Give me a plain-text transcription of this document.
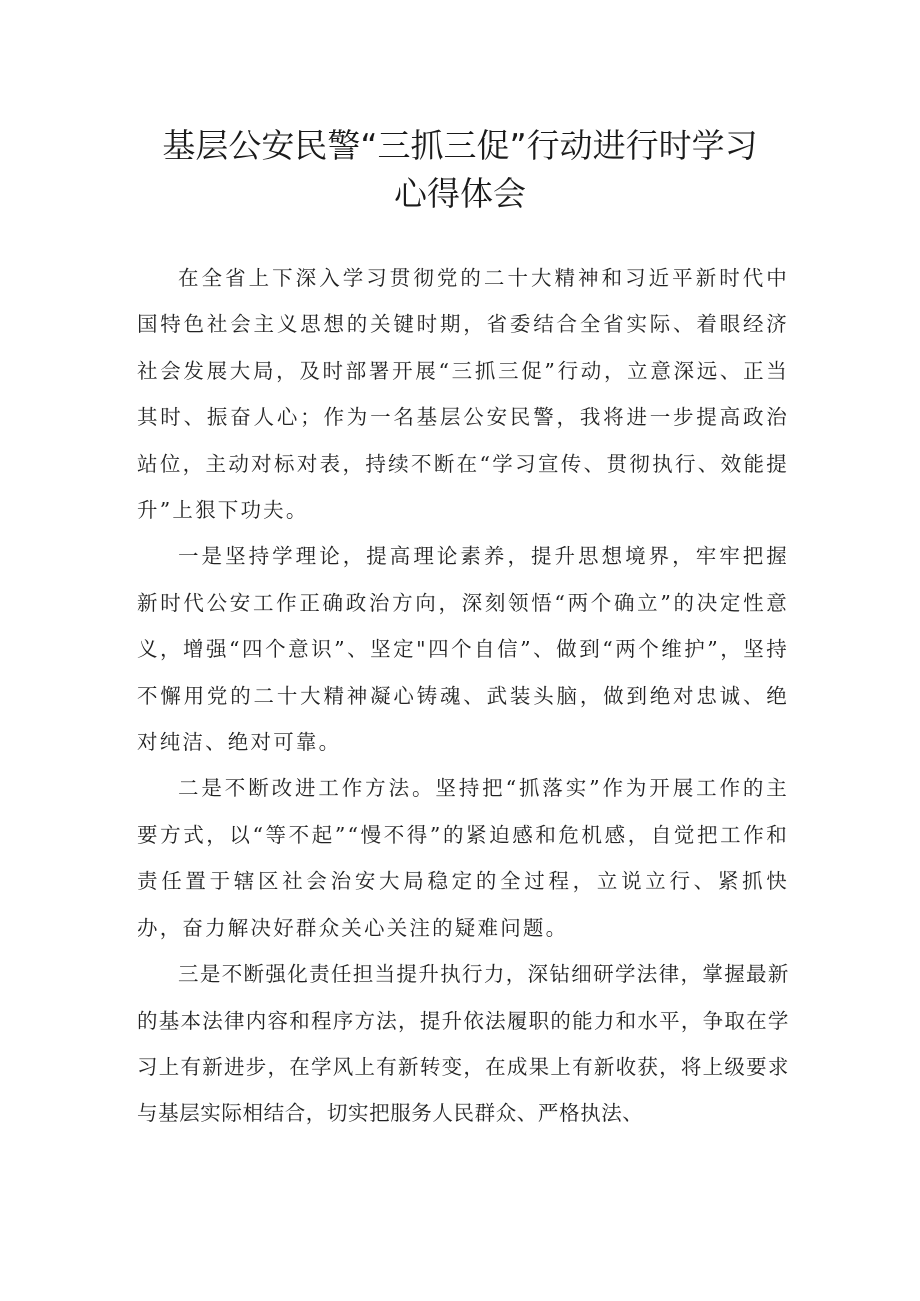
基层公安民警“三抓三促”行动进行时学习
心得体会

在全省上下深入学习贯彻党的二十大精神和习近平新时代中国特色社会主义思想的关键时期，省委结合全省实际、着眼经济社会发展大局，及时部署开展“三抓三促”行动，立意深远、正当其时、振奋人心；作为一名基层公安民警，我将进一步提高政治站位，主动对标对表，持续不断在“学习宣传、贯彻执行、效能提升”上狠下功夫。

一是坚持学理论，提高理论素养，提升思想境界，牢牢把握新时代公安工作正确政治方向，深刻领悟“两个确立”的决定性意义，增强“四个意识”、坚定"四个自信”、做到“两个维护”，坚持不懈用党的二十大精神凝心铸魂、武装头脑，做到绝对忠诚、绝对纯洁、绝对可靠。

二是不断改进工作方法。坚持把“抓落实”作为开展工作的主要方式，以“等不起”“慢不得”的紧迫感和危机感，自觉把工作和责任置于辖区社会治安大局稳定的全过程，立说立行、紧抓快办，奋力解决好群众关心关注的疑难问题。

三是不断强化责任担当提升执行力，深钻细研学法律，掌握最新的基本法律内容和程序方法，提升依法履职的能力和水平，争取在学习上有新进步，在学风上有新转变，在成果上有新收获，将上级要求与基层实际相结合，切实把服务人民群众、严格执法、
